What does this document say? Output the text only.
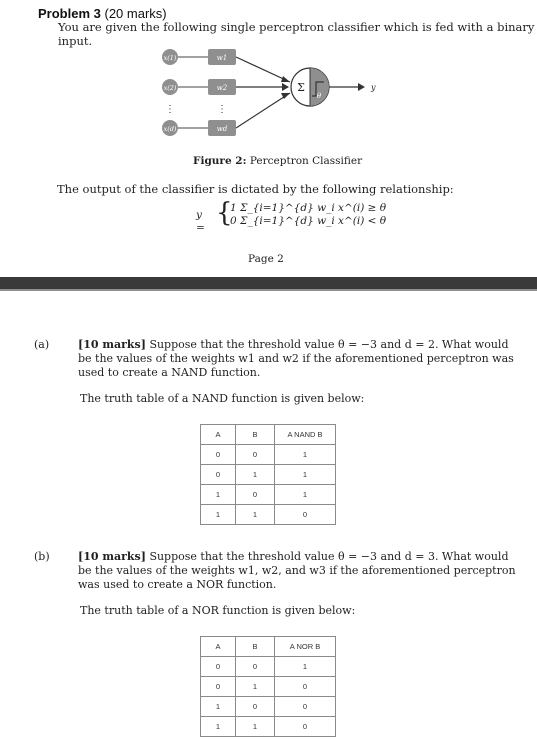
Problem 3 (20 marks)
You are given the following single perceptron classifier which is fed with a binary input.
x(1)
x(2)
⋮
x(d)
w1
w2
⋮
wd
Σ
θ
y
Figure 2: Perceptron Classifier
The output of the classifier is dictated by the following relationship:
y = {
1 Σ_{i=1}^{d} w_i x^(i) ≥ θ
0 Σ_{i=1}^{d} w_i x^(i) < θ
Page 2
(a)	[10 marks] Suppose that the threshold value θ = −3 and d = 2. What would be the values of the weights w1 and w2 if the aforementioned perceptron was used to create a NAND function.
The truth table of a NAND function is given below:
A	B	A NAND B
0	0	1
0	1	1
1	0	1
1	1	0
(b)	[10 marks] Suppose that the threshold value θ = −3 and d = 3. What would be the values of the weights w1, w2, and w3 if the aforementioned perceptron was used to create a NOR function.
The truth table of a NOR function is given below:
A	B	A NOR B
0	0	1
0	1	0
1	0	0
1	1	0
